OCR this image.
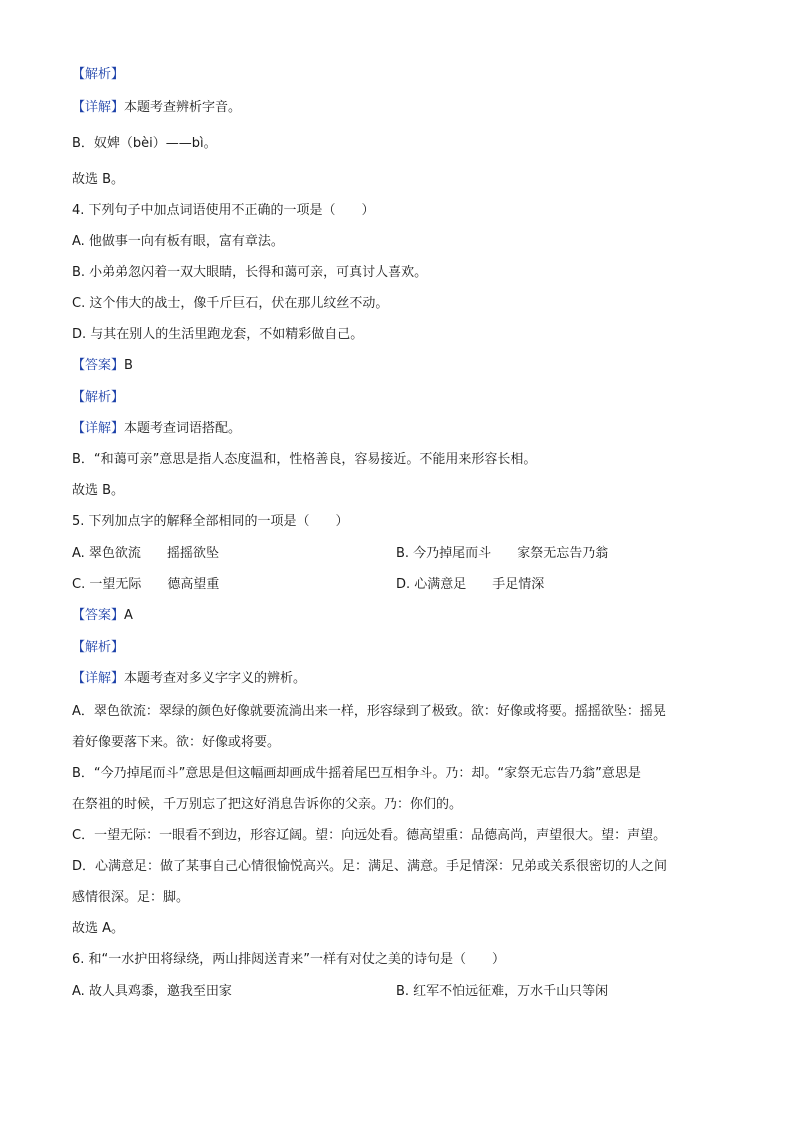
【解析】
【详解】本题考查辨析字音。
B．奴婢（bèi）——bì。
故选 B。
4. 下列句子中加点词语使用不正确的一项是（　　）
A. 他做事一向有板有眼，富有章法。
B. 小弟弟忽闪着一双大眼睛，长得和蔼可亲，可真讨人喜欢。
C. 这个伟大的战士，像千斤巨石，伏在那儿纹丝不动。
D. 与其在别人的生活里跑龙套，不如精彩做自己。
【答案】B
【解析】
【详解】本题考查词语搭配。
B．“和蔼可亲”意思是指人态度温和，性格善良，容易接近。不能用来形容长相。
故选 B。
5. 下列加点字的解释全部相同的一项是（　　）
A. 翠色欲流 摇摇欲坠	B. 今乃掉尾而斗 家祭无忘告乃翁
C. 一望无际 德高望重	D. 心满意足 手足情深
【答案】A
【解析】
【详解】本题考查对多义字字义的辨析。
A．翠色欲流：翠绿的颜色好像就要流淌出来一样，形容绿到了极致。欲：好像或将要。摇摇欲坠：摇晃
着好像要落下来。欲：好像或将要。
B．“今乃掉尾而斗”意思是但这幅画却画成牛摇着尾巴互相争斗。乃：却。“家祭无忘告乃翁”意思是
在祭祖的时候，千万别忘了把这好消息告诉你的父亲。乃：你们的。
C．一望无际：一眼看不到边，形容辽阔。望：向远处看。德高望重：品德高尚，声望很大。望：声望。
D．心满意足：做了某事自己心情很愉悦高兴。足：满足、满意。手足情深：兄弟或关系很密切的人之间
感情很深。足：脚。
故选 A。
6. 和“一水护田将绿绕，两山排闼送青来”一样有对仗之美的诗句是（　　）
A. 故人具鸡黍，邀我至田家	B. 红军不怕远征难，万水千山只等闲
